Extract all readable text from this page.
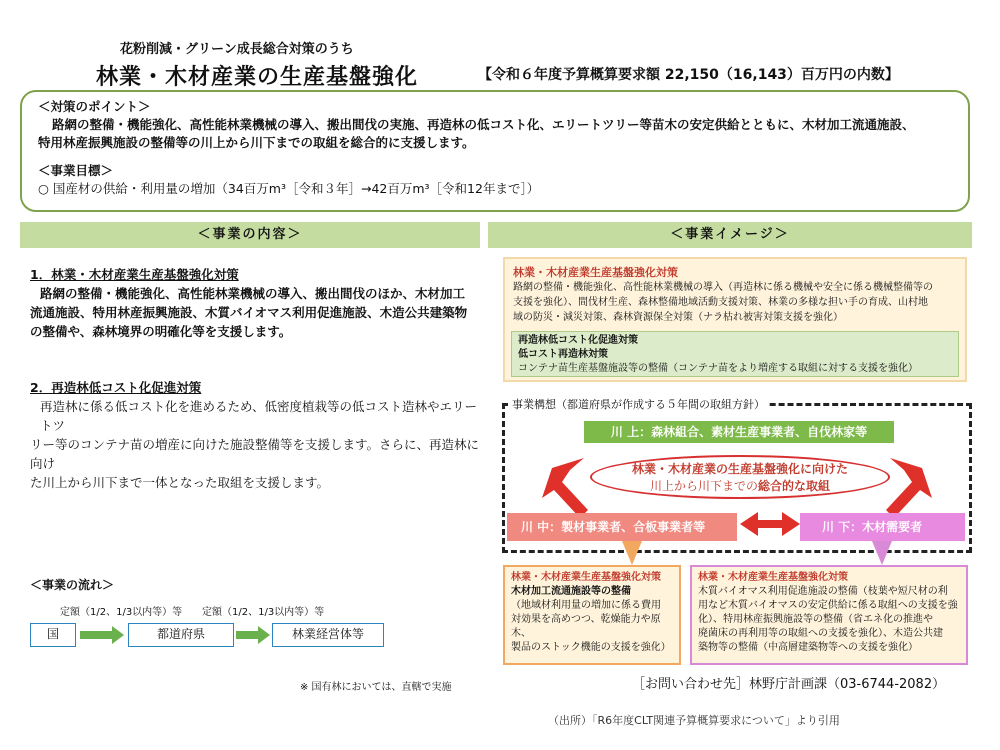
花粉削減・グリーン成長総合対策のうち
林業・木材産業の生産基盤強化	【令和６年度予算概算要求額 22,150（16,143）百万円の内数】
＜対策のポイント＞
路網の整備・機能強化、高性能林業機械の導入、搬出間伐の実施、再造林の低コスト化、エリートツリー等苗木の安定供給とともに、木材加工流通施設、
特用林産振興施設の整備等の川上から川下までの取組を総合的に支援します。
＜事業目標＞
○ 国産材の供給・利用量の増加（34百万m³［令和３年］→42百万m³［令和12年まで］）
＜事業の内容＞	＜事業イメージ＞
1．林業・木材産業生産基盤強化対策
路網の整備・機能強化、高性能林業機械の導入、搬出間伐のほか、木材加工
流通施設、特用林産振興施設、木質バイオマス利用促進施設、木造公共建築物
の整備や、森林境界の明確化等を支援します。
2．再造林低コスト化促進対策
再造林に係る低コスト化を進めるため、低密度植栽等の低コスト造林やエリートツ
リー等のコンテナ苗の増産に向けた施設整備等を支援します。さらに、再造林に向け
た川上から川下まで一体となった取組を支援します。
林業・木材産業生産基盤強化対策
路網の整備・機能強化、高性能林業機械の導入（再造林に係る機械や安全に係る機械整備等の
支援を強化）、間伐材生産、森林整備地域活動支援対策、林業の多様な担い手の育成、山村地
域の防災・減災対策、森林資源保全対策（ナラ枯れ被害対策支援を強化）
再造林低コスト化促進対策
低コスト再造林対策
コンテナ苗生産基盤施設等の整備（コンテナ苗をより増産する取組に対する支援を強化）
事業構想（都道府県が作成する５年間の取組方針）
川 上：森林組合、素材生産事業者、自伐林家等
林業・木材産業の生産基盤強化に向けた
川上から川下までの総合的な取組
川 中：製材事業者、合板事業者等	川 下：木材需要者
林業・木材産業生産基盤強化対策
木材加工流通施設等の整備
（地域材利用量の増加に係る費用
対効果を高めつつ、乾燥能力や原木、
製品のストック機能の支援を強化）
林業・木材産業生産基盤強化対策
木質バイオマス利用促進施設の整備（枝葉や短尺材の利
用など木質バイオマスの安定供給に係る取組への支援を強
化）、特用林産振興施設等の整備（省エネ化の推進や
廃菌床の再利用等の取組への支援を強化）、木造公共建
築物等の整備（中高層建築物等への支援を強化）
＜事業の流れ＞
定額（1/2、1/3以内等）等 定額（1/2、1/3以内等）等
国	都道府県	林業経営体等
※ 国有林においては、直轄で実施	［お問い合わせ先］林野庁計画課（03-6744-2082）
（出所）「R6年度CLT関連予算概算要求について」より引用
